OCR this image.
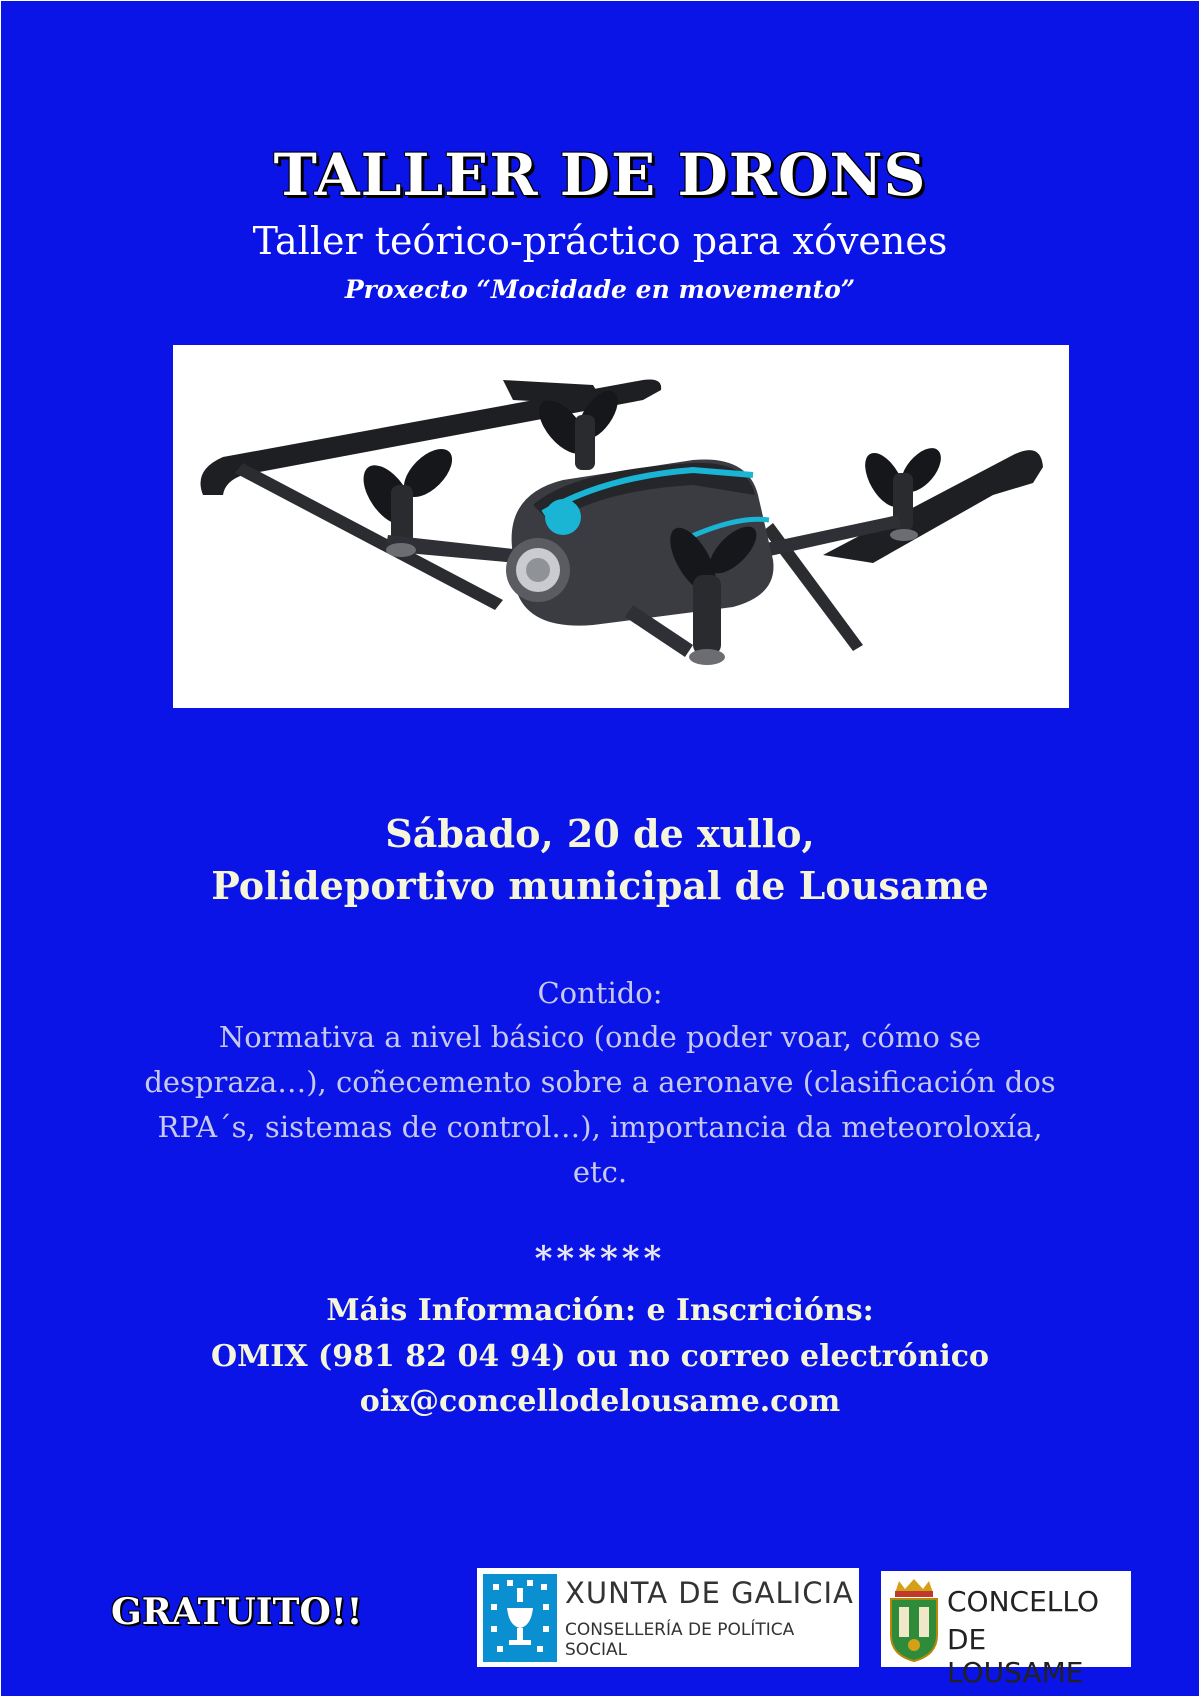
TALLER DE DRONS
Taller teórico-práctico para xóvenes
Proxecto “Mocidade en movemento”
Sábado, 20 de xullo,
Polideportivo municipal de Lousame
Contido:
Normativa a nivel básico (onde poder voar, cómo se despraza…), coñecemento sobre a aeronave (clasificación dos RPA´s, sistemas de control…), importancia da meteoroloxía, etc.
******
Máis Información: e Inscricións:
OMIX (981 82 04 94) ou no correo electrónico
oix@concellodelousame.com
GRATUITO!!	XUNTA DE GALICIA
CONSELLERÍA DE POLÍTICA SOCIAL
CONCELLO
DE LOUSAME
